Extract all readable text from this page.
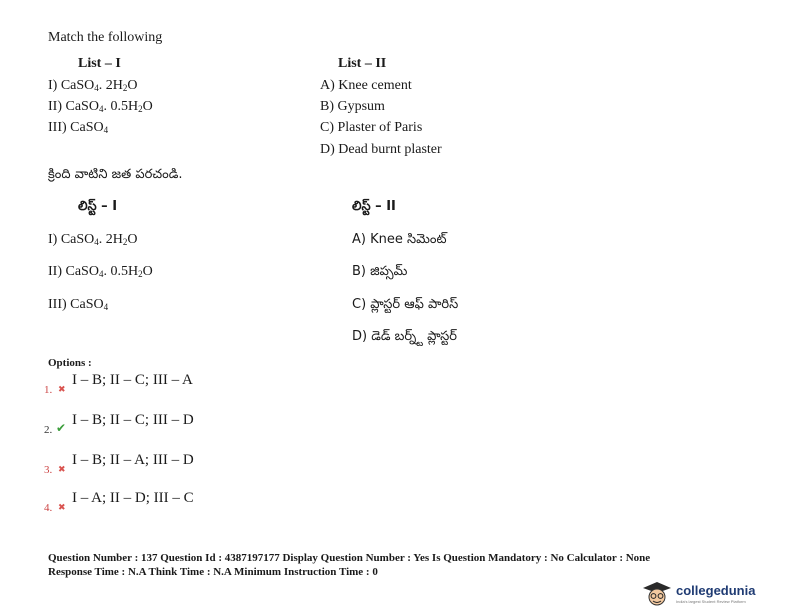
Match the following
List – I	List – II
I) CaSO$_4$. $2H_2O$
II) CaSO$_4$. $0.5H_2O$
III) CaSO$_4$
A) Knee cement
B) Gypsum
C) Plaster of Paris
D) Dead burnt plaster
క్రింది వాటిని జత పరచండి.
లిస్ట్ – I	లిస్ట్ – II
I) CaSO$_4$. $2H_2O$
II) CaSO$_4$. $0.5H_2O$
III) CaSO$_4$
A) Knee సిమెంట్
B) జిప్సమ్
C) ప్లాస్టర్ ఆఫ్ పారిస్
D) డెడ్ బర్న్ట్ ప్లాస్టర్
Options :
1. ✖
I – B; II – C; III – A
2. ✔ I – B; II – C; III – D
3. ✖
I – B; II – A; III – D
4. ✖
I – A; II – D; III – C
Question Number : 137 Question Id : 4387197177 Display Question Number : Yes Is Question Mandatory : No Calculator : None
Response Time : N.A Think Time : N.A Minimum Instruction Time : 0
collegedunia
India's largest Student Review Platform
